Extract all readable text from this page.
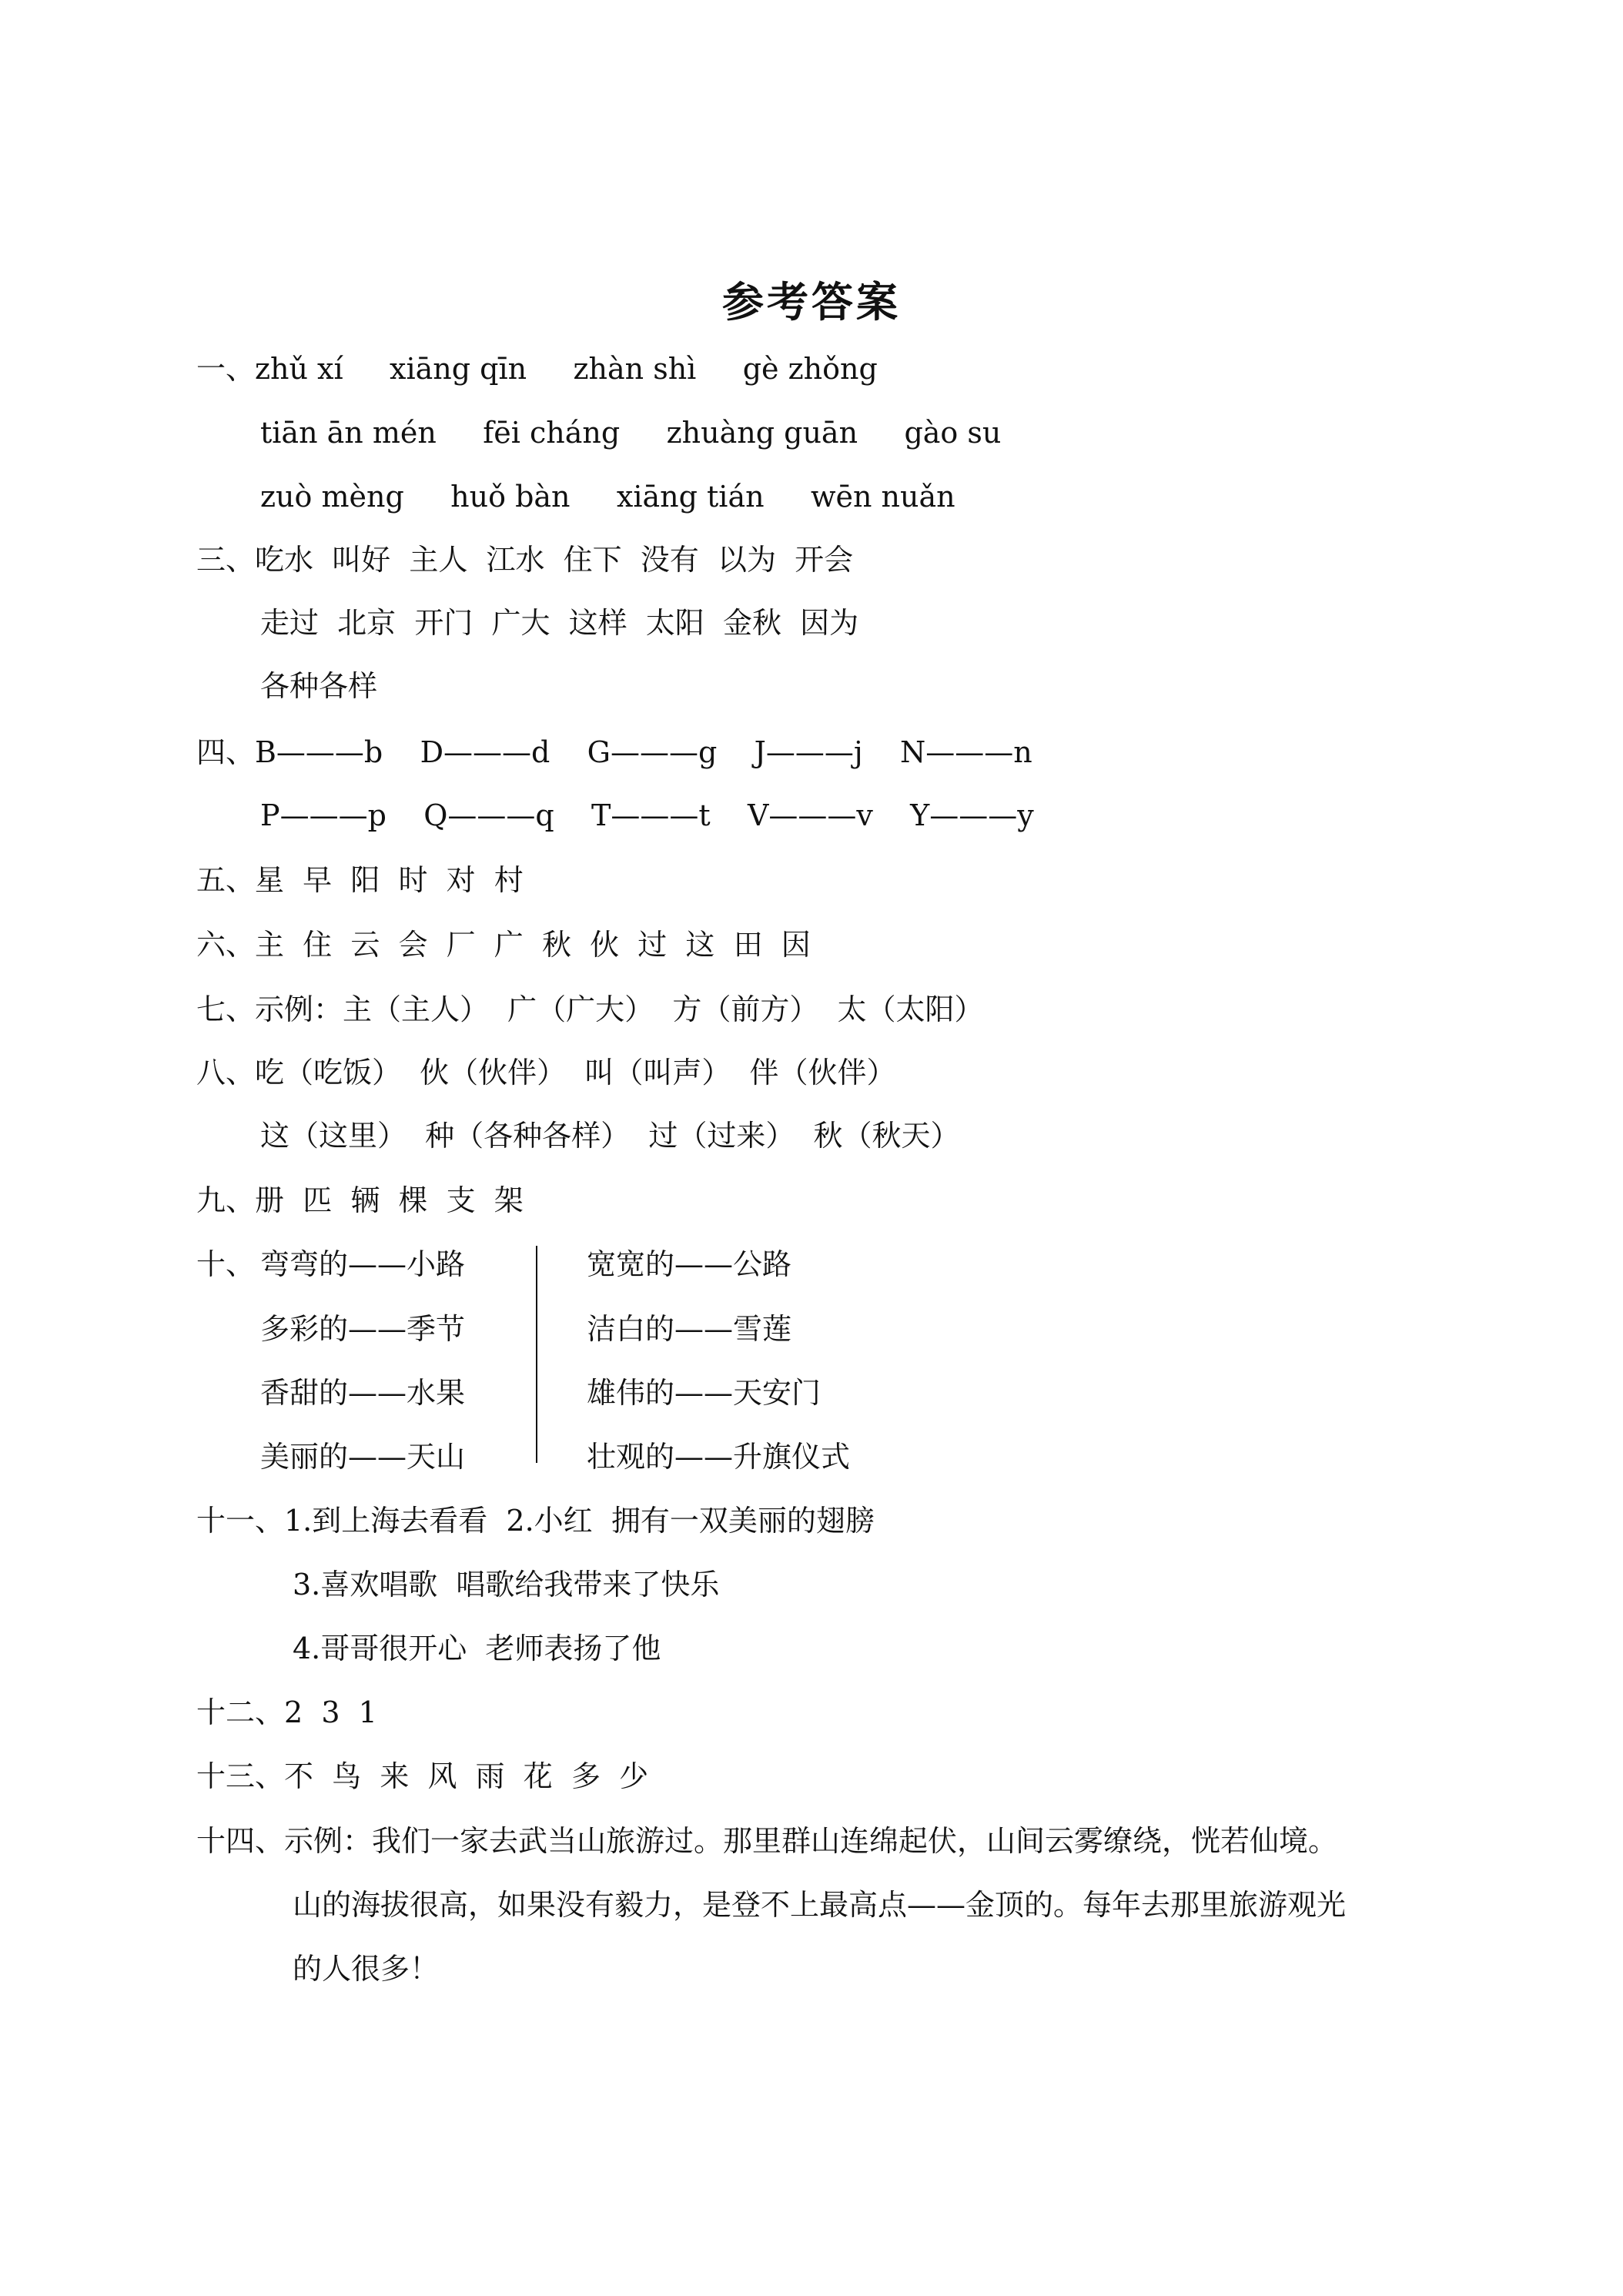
参考答案
一、zhǔ xí     xiāng qīn     zhàn shì     gè zhǒng
tiān ān mén     fēi cháng     zhuàng guān     gào su
zuò mèng     huǒ bàn     xiāng tián     wēn nuǎn
三、吃水  叫好  主人  江水  住下  没有  以为  开会
走过  北京  开门  广大  这样  太阳  金秋  因为
各种各样
四、B———b    D———d    G———g    J———j    N———n
P———p    Q———q    T———t    V———v    Y———y
五、星  早  阳  时  对  村
六、主  住  云  会  厂  广  秋  伙  过  这  田  因
七、示例：主（主人）  广（广大）  方（前方）  太（太阳）
八、吃（吃饭）  伙（伙伴）  叫（叫声）  伴（伙伴）
这（这里）  种（各种各样）  过（过来）  秋（秋天）
九、册  匹  辆  棵  支  架
十、 弯弯的——小路
多彩的——季节
香甜的——水果
美丽的——天山
宽宽的——公路
洁白的——雪莲
雄伟的——天安门
壮观的——升旗仪式
十一、1.到上海去看看  2.小红  拥有一双美丽的翅膀
3.喜欢唱歌  唱歌给我带来了快乐
4.哥哥很开心  老师表扬了他
十二、2  3  1
十三、不  鸟  来  风  雨  花  多  少
十四、示例：我们一家去武当山旅游过。那里群山连绵起伏，山间云雾缭绕，恍若仙境。
山的海拔很高，如果没有毅力，是登不上最高点——金顶的。每年去那里旅游观光
的人很多！
